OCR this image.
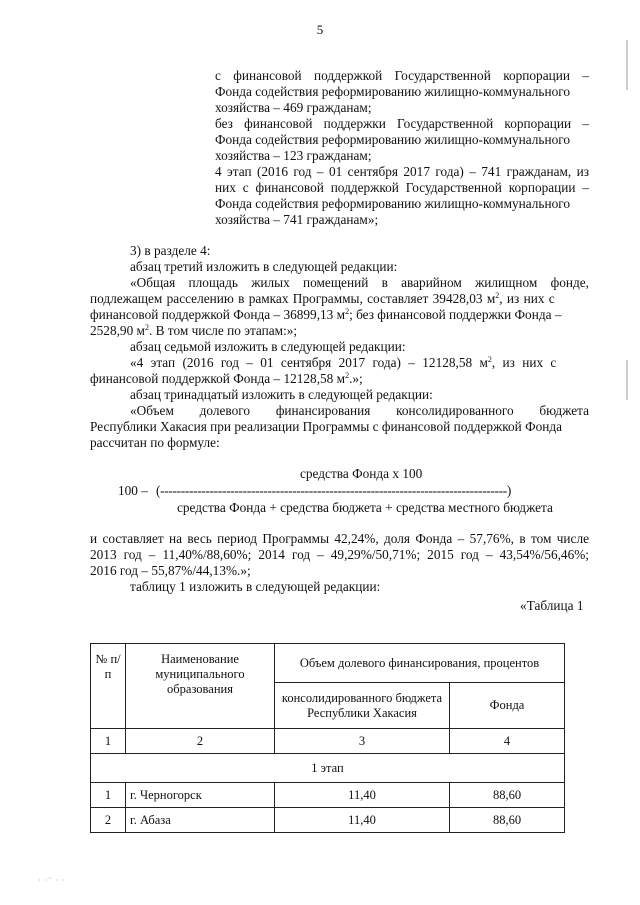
5
с финансовой поддержкой Государственной корпорации –
Фонда содействия реформированию жилищно-коммунального
хозяйства – 469 гражданам;
без финансовой поддержки Государственной корпорации –
Фонда содействия реформированию жилищно-коммунального
хозяйства – 123 гражданам;
4 этап (2016 год – 01 сентября 2017 года) – 741 гражданам, из
них с финансовой поддержкой Государственной корпорации –
Фонда содействия реформированию жилищно-коммунального
хозяйства – 741 гражданам»;
3) в разделе 4:
абзац третий изложить в следующей редакции:
«Общая площадь жилых помещений в аварийном жилищном фонде,
подлежащем расселению в рамках Программы, составляет 39428,03 $м^2$, из них с
финансовой поддержкой Фонда – 36899,13 $м^2$; без финансовой поддержки Фонда –
2528,90 $м^2$. В том числе по этапам:»;
абзац седьмой изложить в следующей редакции:
«4 этап (2016 год – 01 сентября 2017 года) – 12128,58 $м^2$, из них с
финансовой поддержкой Фонда – 12128,58 $м^2$.»;
абзац тринадцатый изложить в следующей редакции:
«Объем долевого финансирования консолидированного бюджета
Республики Хакасия при реализации Программы с финансовой поддержкой Фонда
рассчитан по формуле:
средства Фонда х 100
100 – (------------------------------------------------------------------------------------)
средства Фонда + средства бюджета + средства местного бюджета
и составляет на весь период Программы 42,24%, доля Фонда – 57,76%, в том числе
2013 год – 11,40%/88,60%; 2014 год – 49,29%/50,71%; 2015 год – 43,54%/56,46%;
2016 год – 55,87%/44,13%.»;
таблицу 1 изложить в следующей редакции:
«Таблица 1
№ п/п	Наименование муниципального образования	Объем долевого финансирования, процентов	
		консолидированного бюджета Республики Хакасия	Фонда
1	2	3	4
1 этап			
1	г. Черногорск	11,40	88,60
2	г. Абаза	11,40	88,60
· ·¨ · ·
